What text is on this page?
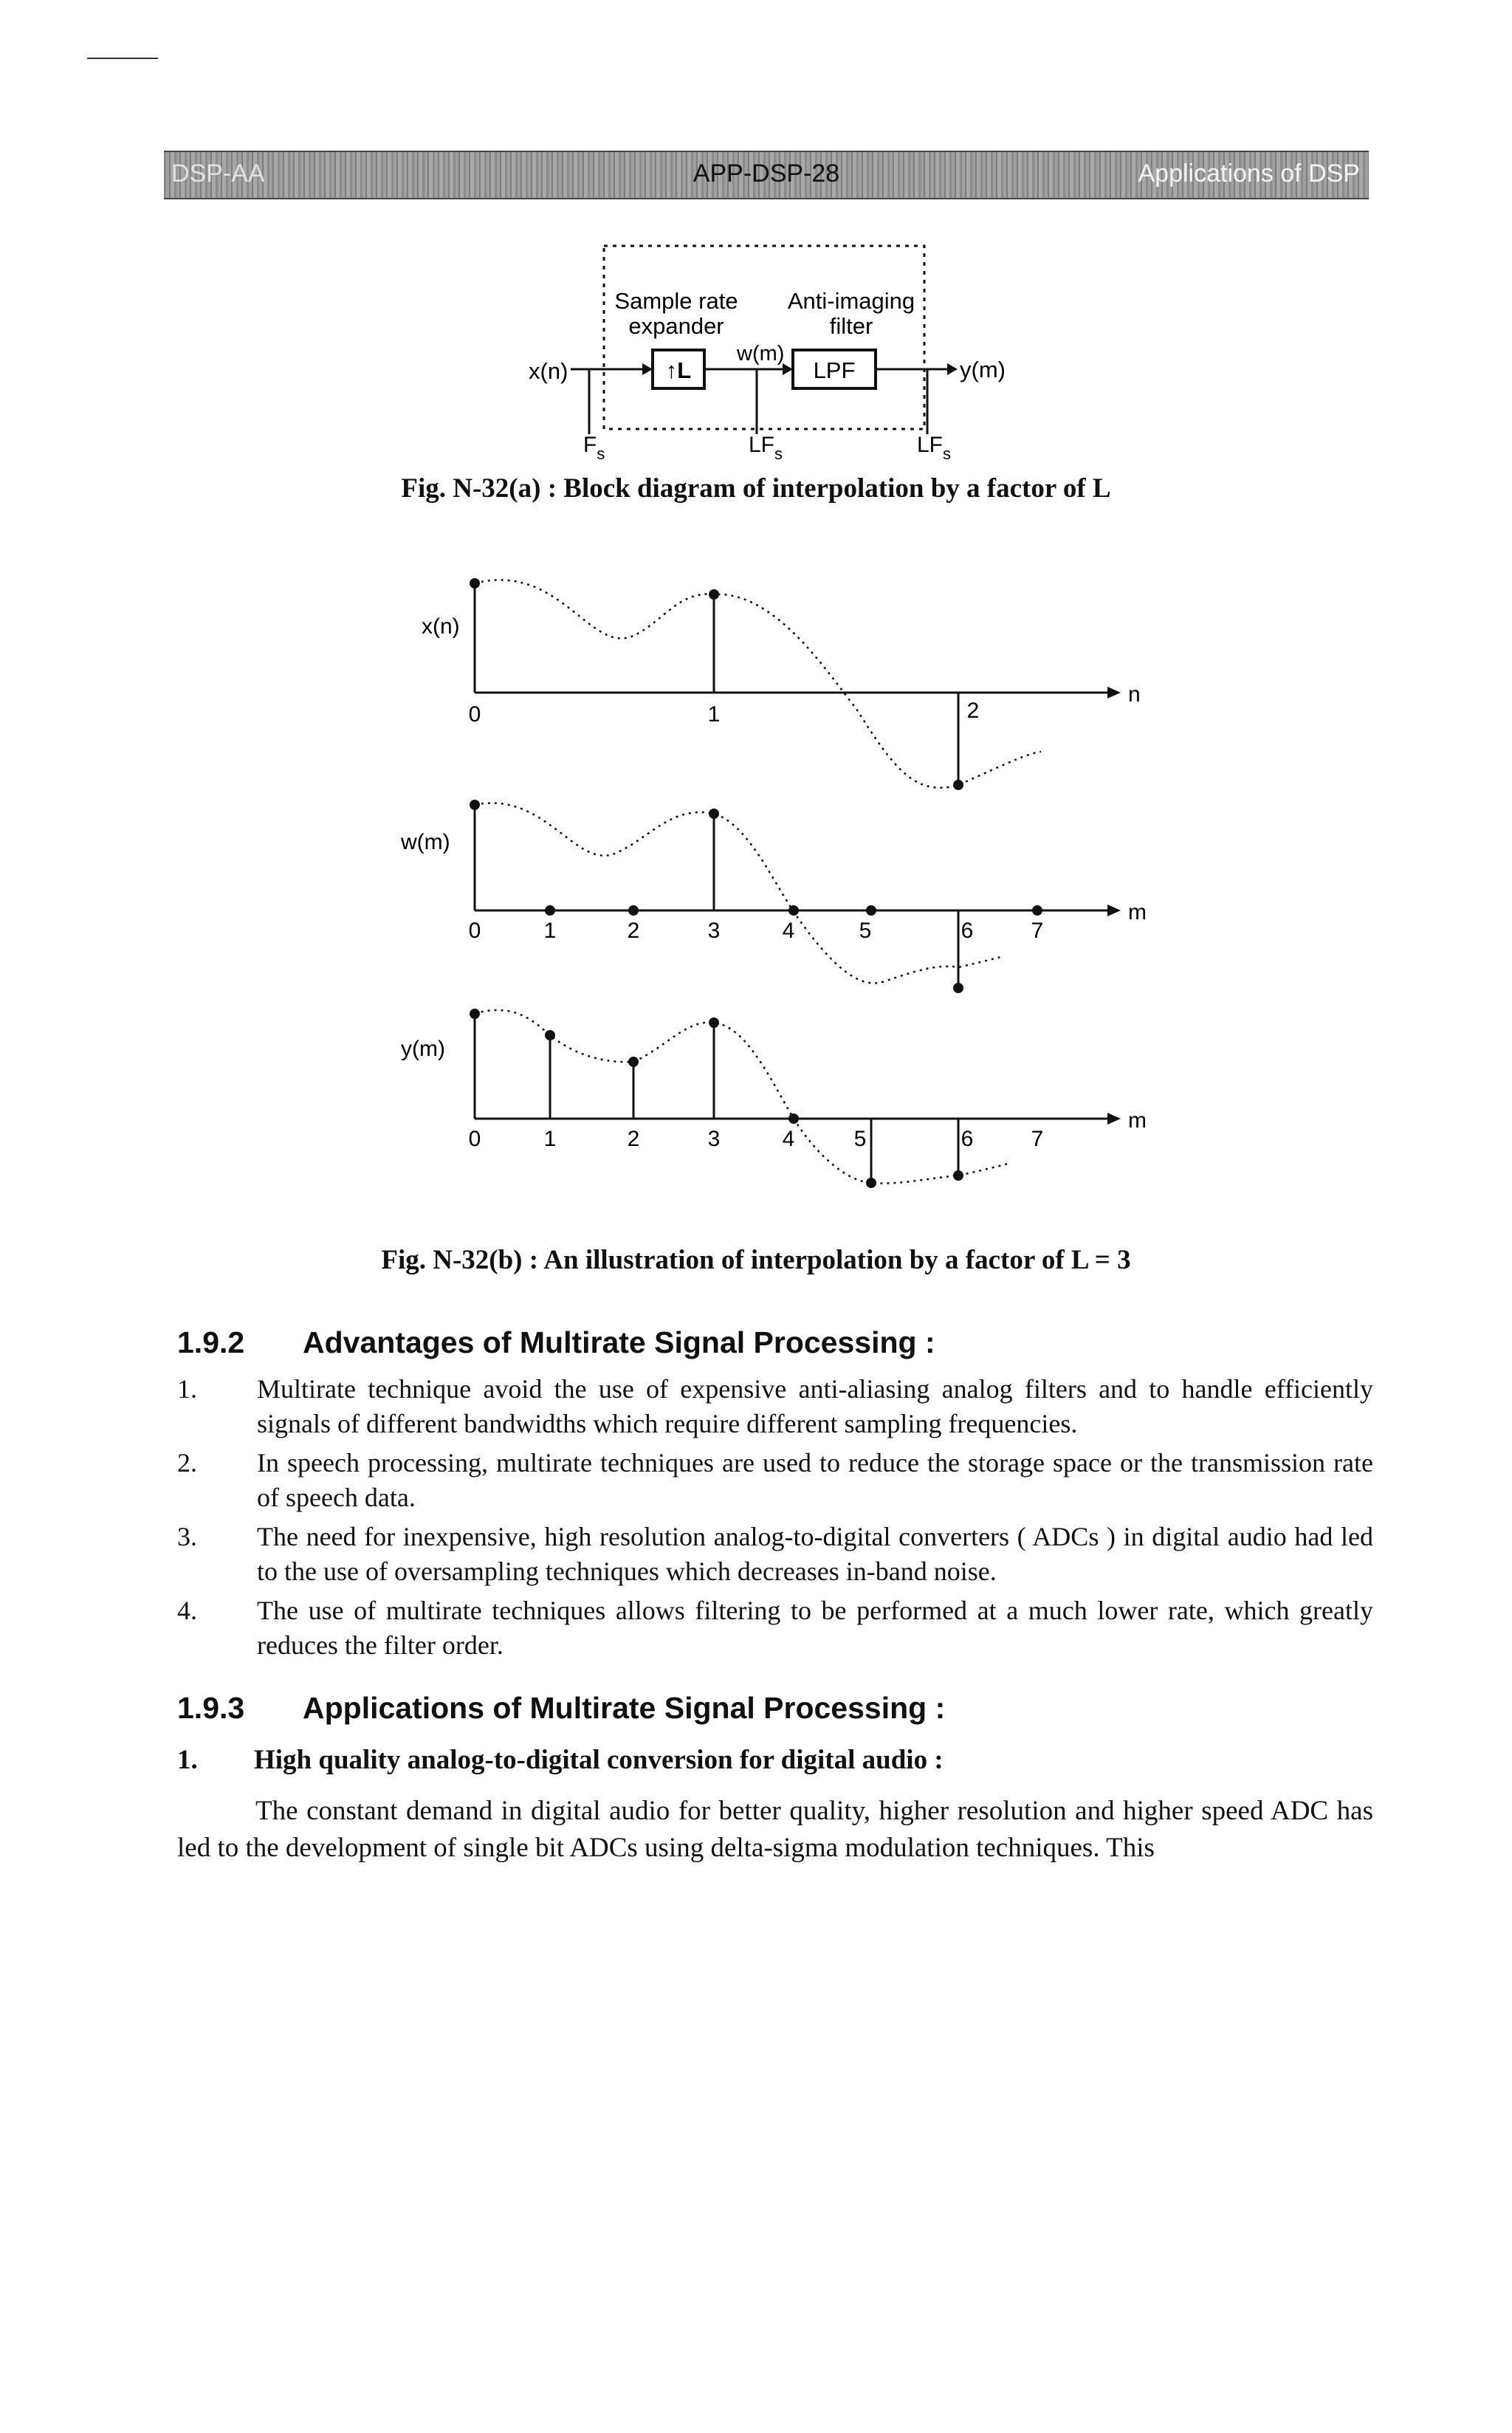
DSP-AA	APP-DSP-28	Applications of DSP
Sample rate
expander
Anti-imaging
filter
x(n)	↑L
w(m)
LPF	y(m)
$F_s$	$LF_s$	$LF_s$
Fig. N-32(a) : Block diagram of interpolation by a factor of L
x(n)
n
0	1	2
w(m)
m
0	1	2	3	4	5	6	7
y(m)
m
0	1	2	3	4	5	6	7
Fig. N-32(b) : An illustration of interpolation by a factor of L = 3
1.9.2 Advantages of Multirate Signal Processing :
1. Multirate technique avoid the use of expensive anti-aliasing analog filters and to handle efficiently signals of different bandwidths which require different sampling frequencies.
2. In speech processing, multirate techniques are used to reduce the storage space or the transmission rate of speech data.
3. The need for inexpensive, high resolution analog-to-digital converters ( ADCs ) in digital audio had led to the use of oversampling techniques which decreases in-band noise.
4. The use of multirate techniques allows filtering to be performed at a much lower rate, which greatly reduces the filter order.
1.9.3 Applications of Multirate Signal Processing :
1. High quality analog-to-digital conversion for digital audio :
The constant demand in digital audio for better quality, higher resolution and higher speed ADC has led to the development of single bit ADCs using delta-sigma modulation techniques. This
